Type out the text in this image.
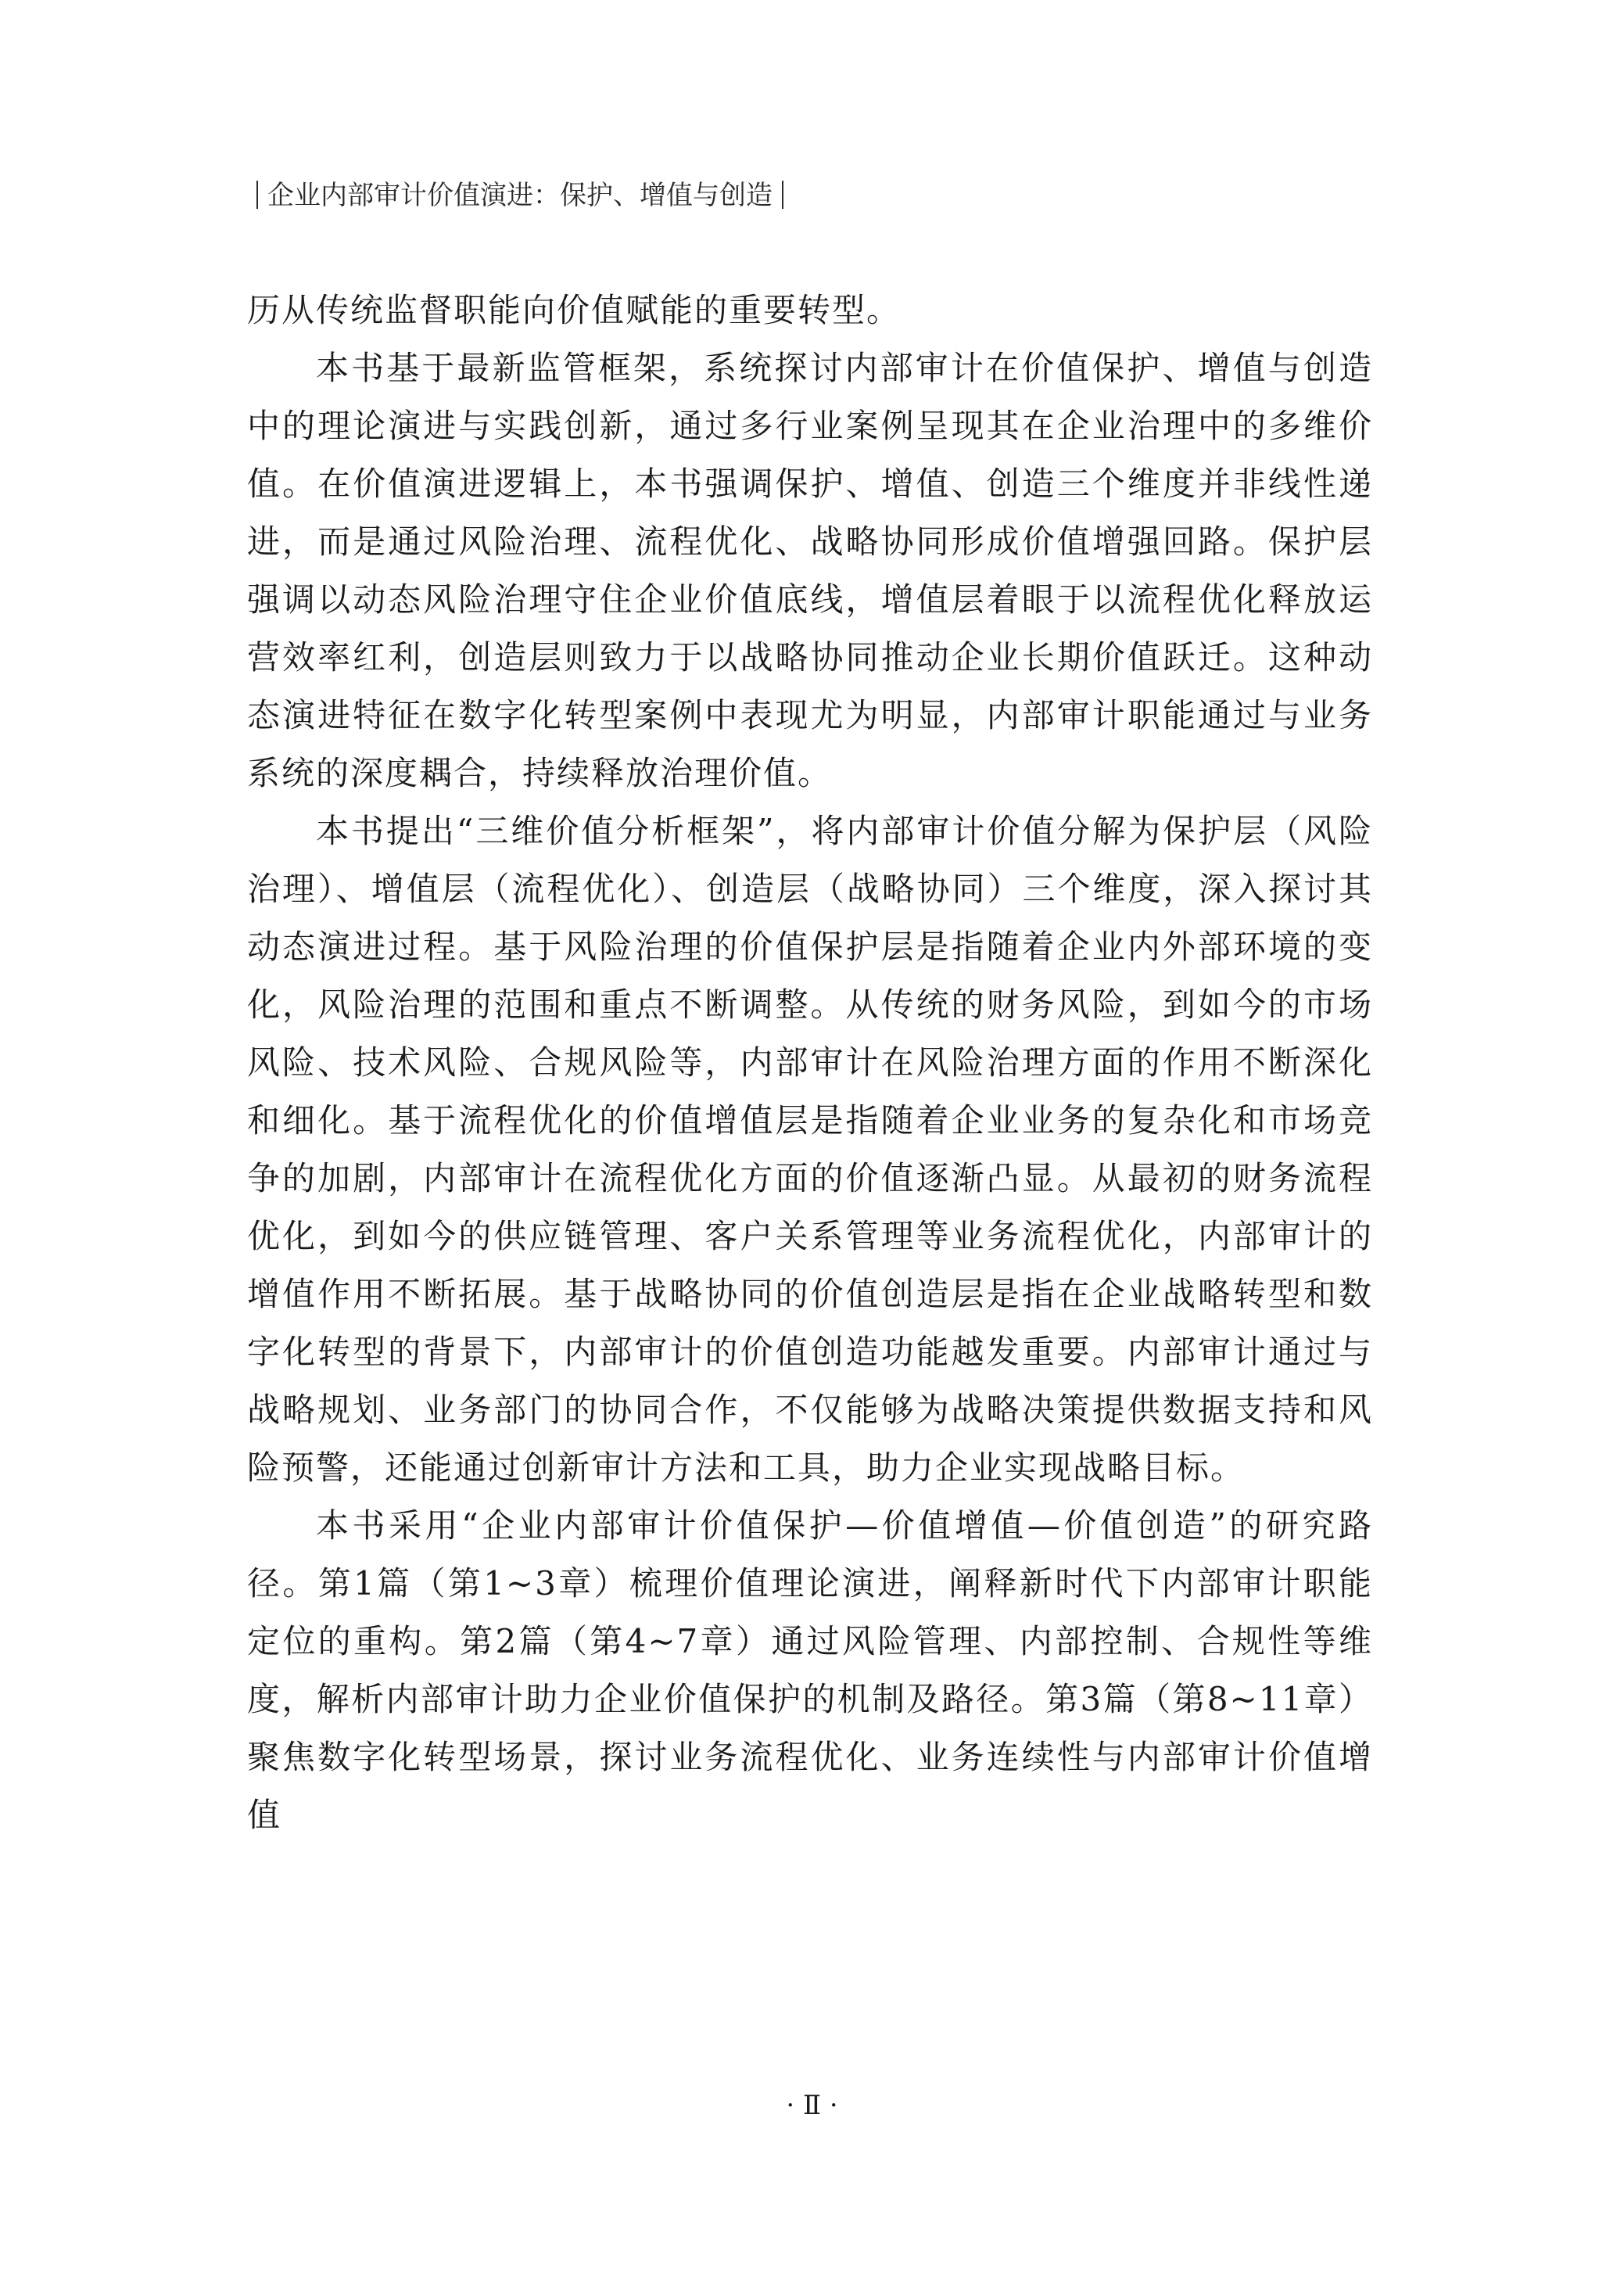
企业内部审计价值演进：保护、增值与创造

历从传统监督职能向价值赋能的重要转型。

本书基于最新监管框架，系统探讨内部审计在价值保护、增值与创造中的理论演进与实践创新，通过多行业案例呈现其在企业治理中的多维价值。在价值演进逻辑上，本书强调保护、增值、创造三个维度并非线性递进，而是通过风险治理、流程优化、战略协同形成价值增强回路。保护层强调以动态风险治理守住企业价值底线，增值层着眼于以流程优化释放运营效率红利，创造层则致力于以战略协同推动企业长期价值跃迁。这种动态演进特征在数字化转型案例中表现尤为明显，内部审计职能通过与业务系统的深度耦合，持续释放治理价值。

本书提出“三维价值分析框架”，将内部审计价值分解为保护层（风险治理）、增值层（流程优化）、创造层（战略协同）三个维度，深入探讨其动态演进过程。基于风险治理的价值保护层是指随着企业内外部环境的变化，风险治理的范围和重点不断调整。从传统的财务风险，到如今的市场风险、技术风险、合规风险等，内部审计在风险治理方面的作用不断深化和细化。基于流程优化的价值增值层是指随着企业业务的复杂化和市场竞争的加剧，内部审计在流程优化方面的价值逐渐凸显。从最初的财务流程优化，到如今的供应链管理、客户关系管理等业务流程优化，内部审计的增值作用不断拓展。基于战略协同的价值创造层是指在企业战略转型和数字化转型的背景下，内部审计的价值创造功能越发重要。内部审计通过与战略规划、业务部门的协同合作，不仅能够为战略决策提供数据支持和风险预警，还能通过创新审计方法和工具，助力企业实现战略目标。

本书采用“企业内部审计价值保护—价值增值—价值创造”的研究路径。第1篇（第1~3章）梳理价值理论演进，阐释新时代下内部审计职能定位的重构。第2篇（第4~7章）通过风险管理、内部控制、合规性等维度，解析内部审计助力企业价值保护的机制及路径。第3篇（第8~11章）聚焦数字化转型场景，探讨业务流程优化、业务连续性与内部审计价值增值

· Ⅱ ·
